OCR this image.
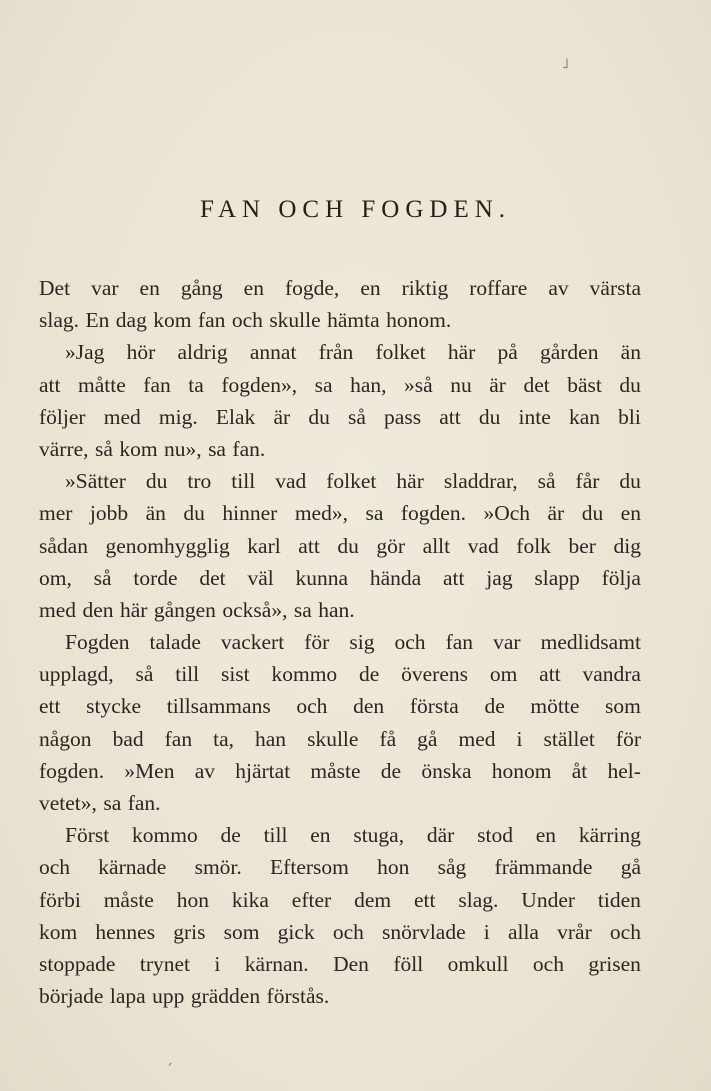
˩
ˏ
FAN OCH FOGDEN.
Det var en gång en fogde, en riktig roffare av värsta
slag. En dag kom fan och skulle hämta honom.
»Jag hör aldrig annat från folket här på gården än
att måtte fan ta fogden», sa han, »så nu är det bäst du
följer med mig. Elak är du så pass att du inte kan bli
värre, så kom nu», sa fan.
»Sätter du tro till vad folket här sladdrar, så får du
mer jobb än du hinner med», sa fogden. »Och är du en
sådan genomhygglig karl att du gör allt vad folk ber dig
om, så torde det väl kunna hända att jag slapp följa
med den här gången också», sa han.
Fogden talade vackert för sig och fan var medlidsamt
upplagd, så till sist kommo de överens om att vandra
ett stycke tillsammans och den första de mötte som
någon bad fan ta, han skulle få gå med i stället för
fogden. »Men av hjärtat måste de önska honom åt hel-
vetet», sa fan.
Först kommo de till en stuga, där stod en kärring
och kärnade smör. Eftersom hon såg främmande gå
förbi måste hon kika efter dem ett slag. Under tiden
kom hennes gris som gick och snörvlade i alla vrår och
stoppade trynet i kärnan. Den föll omkull och grisen
började lapa upp grädden förstås.
